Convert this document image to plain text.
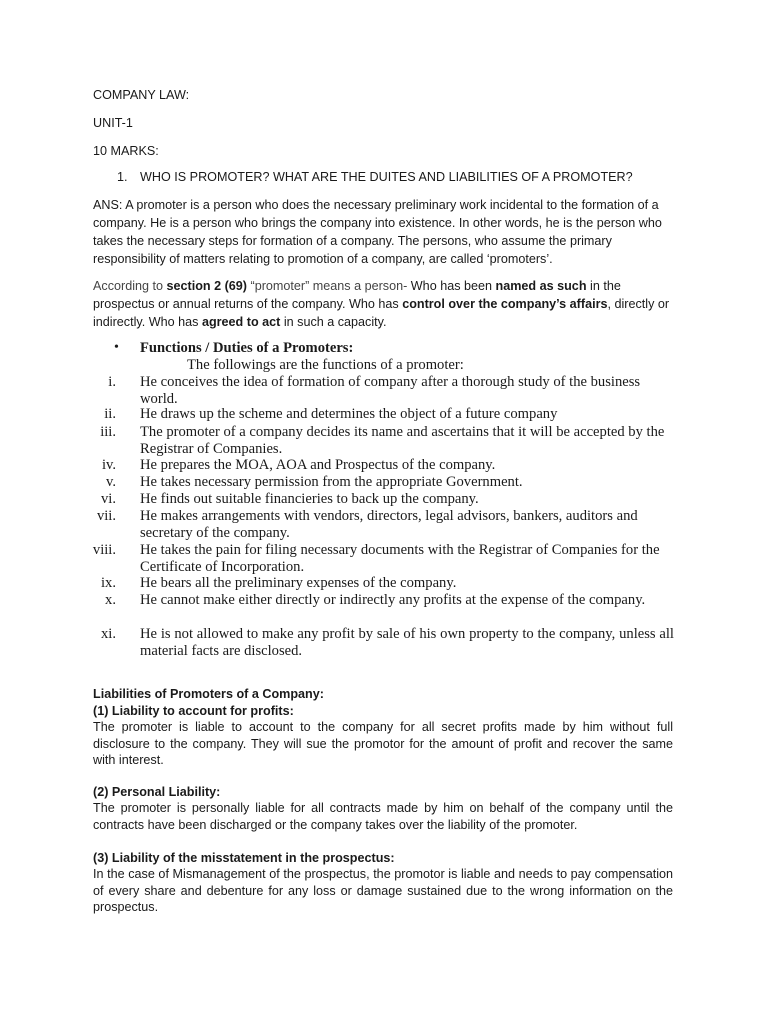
COMPANY LAW:
UNIT-1
10 MARKS:
1. WHO IS PROMOTER? WHAT ARE THE DUITES AND LIABILITIES OF A PROMOTER?
ANS: A promoter is a person who does the necessary preliminary work incidental to the formation of a company. He is a person who brings the company into existence. In other words, he is the person who takes the necessary steps for formation of a company. The persons, who assume the primary responsibility of matters relating to promotion of a company, are called ‘promoters’.
According to section 2 (69) “promoter” means a person- Who has been named as such in the prospectus or annual returns of the company. Who has control over the company’s affairs, directly or indirectly. Who has agreed to act in such a capacity.
• Functions / Duties of a Promoters:
The followings are the functions of a promoter:
i. He conceives the idea of formation of company after a thorough study of the business world.
ii. He draws up the scheme and determines the object of a future company
iii. The promoter of a company decides its name and ascertains that it will be accepted by the Registrar of Companies.
iv. He prepares the MOA, AOA and Prospectus of the company.
v. He takes necessary permission from the appropriate Government.
vi. He finds out suitable financieries to back up the company.
vii. He makes arrangements with vendors, directors, legal advisors, bankers, auditors and secretary of the company.
viii. He takes the pain for filing necessary documents with the Registrar of Companies for the Certificate of Incorporation.
ix. He bears all the preliminary expenses of the company.
x. He cannot make either directly or indirectly any profits at the expense of the company.
xi. He is not allowed to make any profit by sale of his own property to the company, unless all material facts are disclosed.
Liabilities of Promoters of a Company:
(1) Liability to account for profits:
The promoter is liable to account to the company for all secret profits made by him without full disclosure to the company. They will sue the promotor for the amount of profit and recover the same with interest.
(2) Personal Liability:
The promoter is personally liable for all contracts made by him on behalf of the company until the contracts have been discharged or the company takes over the liability of the promoter.
(3) Liability of the misstatement in the prospectus:
In the case of Mismanagement of the prospectus, the promotor is liable and needs to pay compensation of every share and debenture for any loss or damage sustained due to the wrong information on the prospectus.
